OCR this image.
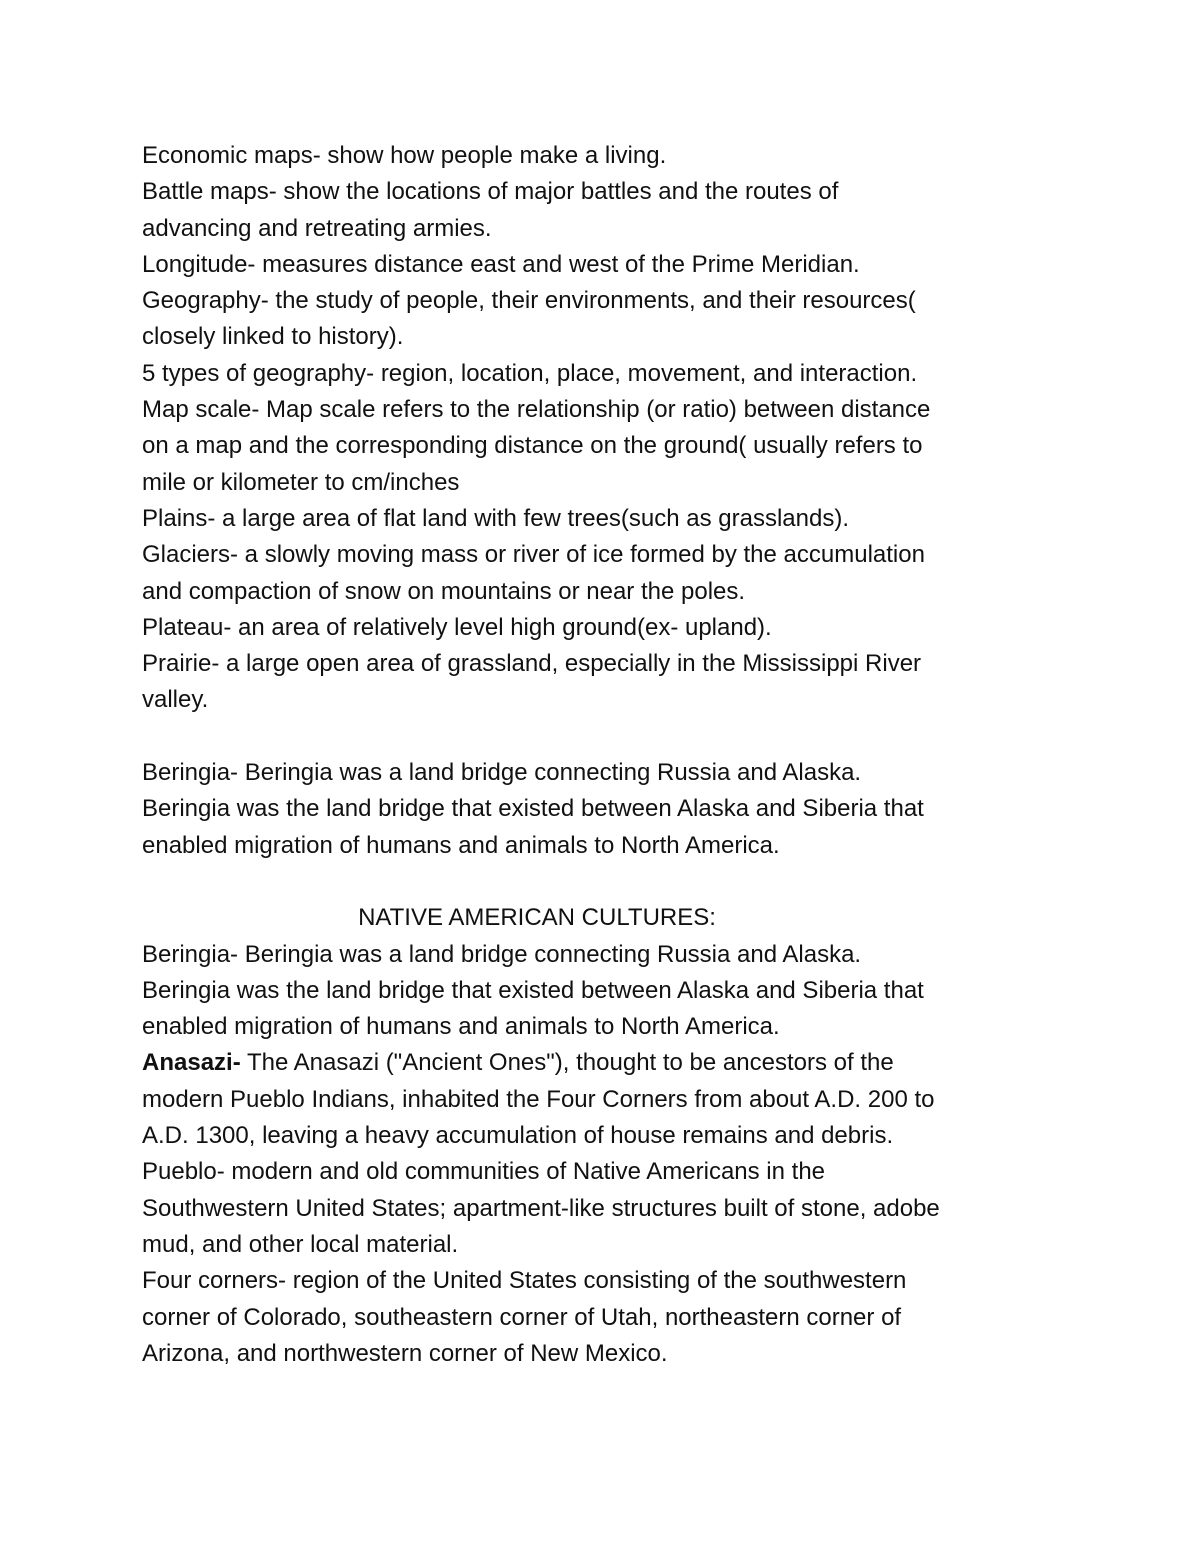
Economic maps- show how people make a living.
Battle maps- show the locations of major battles and the routes of
advancing and retreating armies.
Longitude- measures distance east and west of the Prime Meridian.
Geography- the study of people, their environments, and their resources(
closely linked to history).
5 types of geography- region, location, place, movement, and interaction.
Map scale- Map scale refers to the relationship (or ratio) between distance
on a map and the corresponding distance on the ground( usually refers to
mile or kilometer to cm/inches
Plains- a large area of flat land with few trees(such as grasslands).
Glaciers- a slowly moving mass or river of ice formed by the accumulation
and compaction of snow on mountains or near the poles.
Plateau- an area of relatively level high ground(ex- upland).
Prairie- a large open area of grassland, especially in the Mississippi River
valley.
Beringia- Beringia was a land bridge connecting Russia and Alaska.
Beringia was the land bridge that existed between Alaska and Siberia that
enabled migration of humans and animals to North America.
NATIVE AMERICAN CULTURES:
Beringia- Beringia was a land bridge connecting Russia and Alaska.
Beringia was the land bridge that existed between Alaska and Siberia that
enabled migration of humans and animals to North America.
Anasazi- The Anasazi ("Ancient Ones"), thought to be ancestors of the
modern Pueblo Indians, inhabited the Four Corners from about A.D. 200 to
A.D. 1300, leaving a heavy accumulation of house remains and debris.
Pueblo- modern and old communities of Native Americans in the
Southwestern United States; apartment-like structures built of stone, adobe
mud, and other local material.
Four corners- region of the United States consisting of the southwestern
corner of Colorado, southeastern corner of Utah, northeastern corner of
Arizona, and northwestern corner of New Mexico.
